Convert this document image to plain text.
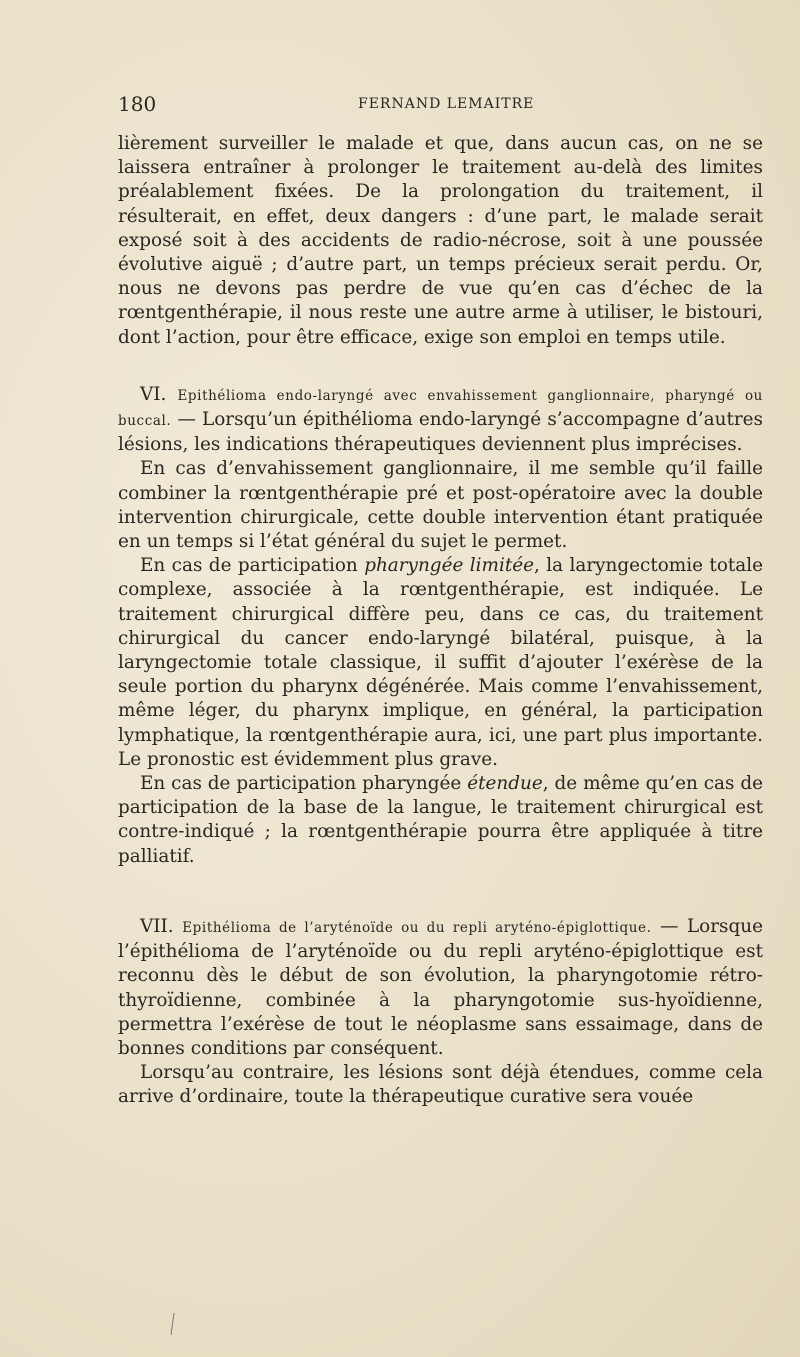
180	FERNAND LEMAITRE

lièrement surveiller le malade et que, dans aucun cas, on ne se laissera entraîner à prolonger le traitement au-delà des limites préalablement fixées. De la prolongation du traitement, il résulterait, en effet, deux dangers : d’une part, le malade serait exposé soit à des accidents de radio-nécrose, soit à une poussée évolutive aiguë ; d’autre part, un temps précieux serait perdu. Or, nous ne devons pas perdre de vue qu’en cas d’échec de la rœntgenthérapie, il nous reste une autre arme à utiliser, le bistouri, dont l’action, pour être efficace, exige son emploi en temps utile.

VI. Epithélioma endo-laryngé avec envahissement ganglionnaire, pharyngé ou buccal. — Lorsqu’un épithélioma endo-laryngé s’accompagne d’autres lésions, les indications thérapeutiques deviennent plus imprécises.

En cas d’envahissement ganglionnaire, il me semble qu’il faille combiner la rœntgenthérapie pré et post-opératoire avec la double intervention chirurgicale, cette double intervention étant pratiquée en un temps si l’état général du sujet le permet.

En cas de participation pharyngée limitée, la laryngectomie totale complexe, associée à la rœntgenthérapie, est indiquée. Le traitement chirurgical diffère peu, dans ce cas, du traitement chirurgical du cancer endo-laryngé bilatéral, puisque, à la laryngectomie totale classique, il suffit d’ajouter l’exérèse de la seule portion du pharynx dégénérée. Mais comme l’envahissement, même léger, du pharynx implique, en général, la participation lymphatique, la rœntgenthérapie aura, ici, une part plus importante. Le pronostic est évidemment plus grave.

En cas de participation pharyngée étendue, de même qu’en cas de participation de la base de la langue, le traitement chirurgical est contre-indiqué ; la rœntgenthérapie pourra être appliquée à titre palliatif.

VII. Epithélioma de l’aryténoïde ou du repli aryténo-épiglottique. — Lorsque l’épithélioma de l’aryténoïde ou du repli aryténo-épiglottique est reconnu dès le début de son évolution, la pharyngotomie rétro-thyroïdienne, combinée à la pharyngotomie sus-hyoïdienne, permettra l’exérèse de tout le néoplasme sans essaimage, dans de bonnes conditions par conséquent.

Lorsqu’au contraire, les lésions sont déjà étendues, comme cela arrive d’ordinaire, toute la thérapeutique curative sera vouée
